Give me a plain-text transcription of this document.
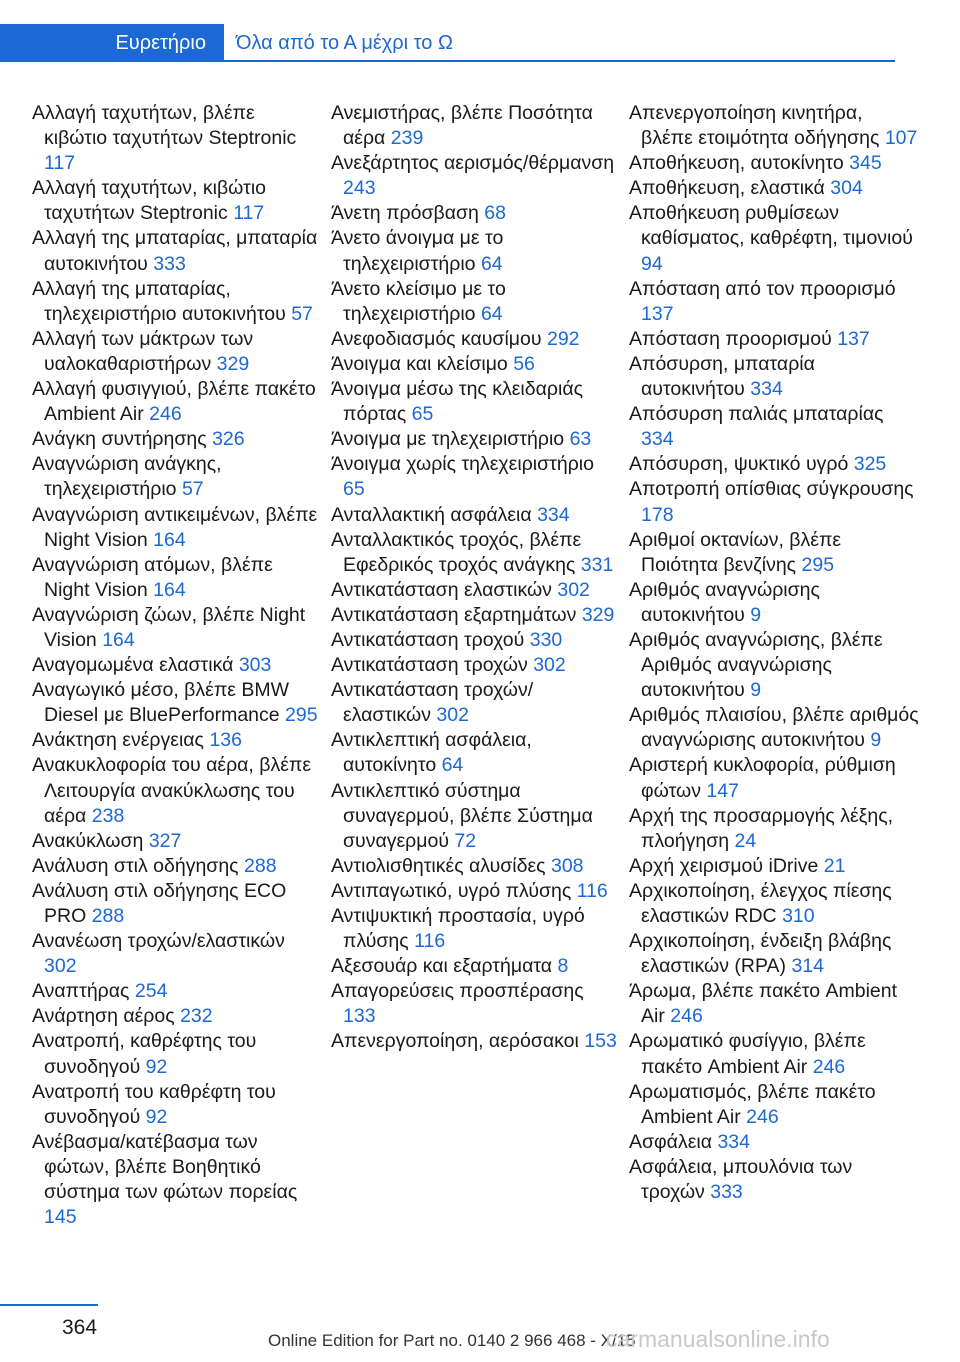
Ευρετήριο	Όλα από το Α μέχρι το Ω

Αλλαγή ταχυτήτων, βλέπε κιβώτιο ταχυτήτων Steptronic 117

Αλλαγή ταχυτήτων, κιβώτιο ταχυτήτων Steptronic 117

Αλλαγή της μπαταρίας, μπαταρία αυτοκινήτου 333

Αλλαγή της μπαταρίας, τηλεχειριστήριο αυτοκινήτου 57

Αλλαγή των μάκτρων των υαλοκαθαριστήρων 329

Αλλαγή φυσιγγιού, βλέπε πακέτο Ambient Air 246

Ανάγκη συντήρησης 326

Αναγνώριση ανάγκης, τηλεχειριστήριο 57

Αναγνώριση αντικειμένων, βλέπε Night Vision 164

Αναγνώριση ατόμων, βλέπε Night Vision 164

Αναγνώριση ζώων, βλέπε Night Vision 164

Αναγομωμένα ελαστικά 303

Αναγωγικό μέσο, βλέπε BMW Diesel με BluePerformance 295

Ανάκτηση ενέργειας 136

Ανακυκλοφορία του αέρα, βλέπε Λειτουργία ανακύκλωσης του αέρα 238

Ανακύκλωση 327

Ανάλυση στιλ οδήγησης 288

Ανάλυση στιλ οδήγησης ECO PRO 288

Ανανέωση τροχών/ελαστικών 302

Αναπτήρας 254

Ανάρτηση αέρος 232

Ανατροπή, καθρέφτης του συνοδηγού 92

Ανατροπή του καθρέφτη του συνοδηγού 92

Ανέβασμα/κατέβασμα των φώτων, βλέπε Βοηθητικό σύστημα των φώτων πορείας 145

Ανεμιστήρας, βλέπε Ποσότητα αέρα 239

Ανεξάρτητος αερισμός/θέρμανση 243

Άνετη πρόσβαση 68

Άνετο άνοιγμα με το τηλεχειριστήριο 64

Άνετο κλείσιμο με το τηλεχειριστήριο 64

Ανεφοδιασμός καυσίμου 292

Άνοιγμα και κλείσιμο 56

Άνοιγμα μέσω της κλειδαριάς πόρτας 65

Άνοιγμα με τηλεχειριστήριο 63

Άνοιγμα χωρίς τηλεχειριστήριο 65

Ανταλλακτική ασφάλεια 334

Ανταλλακτικός τροχός, βλέπε Εφεδρικός τροχός ανάγκης 331

Αντικατάσταση ελαστικών 302

Αντικατάσταση εξαρτημάτων 329

Αντικατάσταση τροχού 330

Αντικατάσταση τροχών 302

Αντικατάσταση τροχών/ελαστικών 302

Αντικλεπτική ασφάλεια, αυτοκίνητο 64

Αντικλεπτικό σύστημα συναγερμού, βλέπε Σύστημα συναγερμού 72

Αντιολισθητικές αλυσίδες 308

Αντιπαγωτικό, υγρό πλύσης 116

Αντιψυκτική προστασία, υγρό πλύσης 116

Αξεσουάρ και εξαρτήματα 8

Απαγορεύσεις προσπέρασης 133

Απενεργοποίηση, αερόσακοι 153

Απενεργοποίηση κινητήρα, βλέπε ετοιμότητα οδήγησης 107

Αποθήκευση, αυτοκίνητο 345

Αποθήκευση, ελαστικά 304

Αποθήκευση ρυθμίσεων καθίσματος, καθρέφτη, τιμονιού 94

Απόσταση από τον προορισμό 137

Απόσταση προορισμού 137

Απόσυρση, μπαταρία αυτοκινήτου 334

Απόσυρση παλιάς μπαταρίας 334

Απόσυρση, ψυκτικό υγρό 325

Αποτροπή οπίσθιας σύγκρουσης 178

Αριθμοί οκτανίων, βλέπε Ποιότητα βενζίνης 295

Αριθμός αναγνώρισης αυτοκινήτου 9

Αριθμός αναγνώρισης, βλέπε Αριθμός αναγνώρισης αυτοκινήτου 9

Αριθμός πλαισίου, βλέπε αριθμός αναγνώρισης αυτοκινήτου 9

Αριστερή κυκλοφορία, ρύθμιση φώτων 147

Αρχή της προσαρμογής λέξης, πλοήγηση 24

Αρχή χειρισμού iDrive 21

Αρχικοποίηση, έλεγχος πίεσης ελαστικών RDC 310

Αρχικοποίηση, ένδειξη βλάβης ελαστικών (RPA) 314

Άρωμα, βλέπε πακέτο Ambient Air 246

Αρωματικό φυσίγγιο, βλέπε πακέτο Ambient Air 246

Αρωματισμός, βλέπε πακέτο Ambient Air 246

Ασφάλεια 334

Ασφάλεια, μπουλόνια των τροχών 333

364
Online Edition for Part no. 0140 2 966 468 - X/15
carmanualsonline.info
